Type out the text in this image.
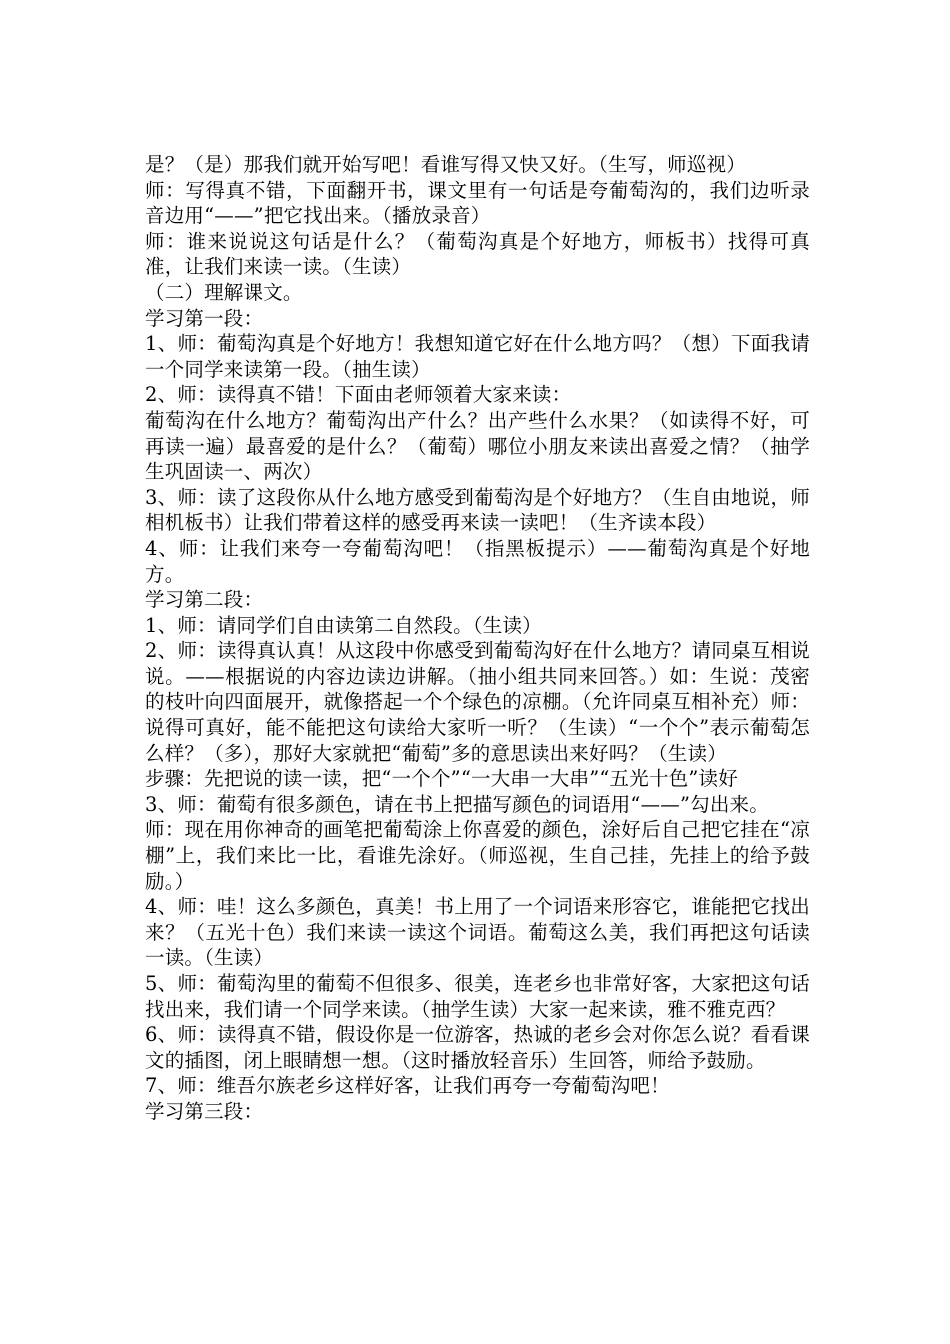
是？（是）那我们就开始写吧！看谁写得又快又好。（生写，师巡视）

师：写得真不错，下面翻开书，课文里有一句话是夸葡萄沟的，我们边听录音边用“——”把它找出来。（播放录音）

师：谁来说说这句话是什么？（葡萄沟真是个好地方，师板书）找得可真准，让我们来读一读。（生读）

（二）理解课文。

学习第一段：

1、师：葡萄沟真是个好地方！我想知道它好在什么地方吗？（想）下面我请一个同学来读第一段。（抽生读）

2、师：读得真不错！下面由老师领着大家来读：

葡萄沟在什么地方？葡萄沟出产什么？出产些什么水果？（如读得不好，可再读一遍）最喜爱的是什么？（葡萄）哪位小朋友来读出喜爱之情？（抽学生巩固读一、两次）

3、师：读了这段你从什么地方感受到葡萄沟是个好地方？（生自由地说，师相机板书）让我们带着这样的感受再来读一读吧！（生齐读本段）

4、师：让我们来夸一夸葡萄沟吧！（指黑板提示）——葡萄沟真是个好地方。

学习第二段：

1、师：请同学们自由读第二自然段。（生读）

2、师：读得真认真！从这段中你感受到葡萄沟好在什么地方？请同桌互相说说。——根据说的内容边读边讲解。（抽小组共同来回答。）如：生说：茂密的枝叶向四面展开，就像搭起一个个绿色的凉棚。（允许同桌互相补充）师：说得可真好，能不能把这句读给大家听一听？（生读）“一个个”表示葡萄怎么样？（多），那好大家就把“葡萄”多的意思读出来好吗？（生读）

步骤：先把说的读一读，把“一个个”“一大串一大串”“五光十色”读好

3、师：葡萄有很多颜色，请在书上把描写颜色的词语用“——”勾出来。

师：现在用你神奇的画笔把葡萄涂上你喜爱的颜色，涂好后自己把它挂在“凉棚”上，我们来比一比，看谁先涂好。（师巡视，生自己挂，先挂上的给予鼓励。）

4、师：哇！这么多颜色，真美！书上用了一个词语来形容它，谁能把它找出来？（五光十色）我们来读一读这个词语。葡萄这么美，我们再把这句话读一读。（生读）

5、师：葡萄沟里的葡萄不但很多、很美，连老乡也非常好客，大家把这句话找出来，我们请一个同学来读。（抽学生读）大家一起来读，雅不雅克西？

6、师：读得真不错，假设你是一位游客，热诚的老乡会对你怎么说？看看课文的插图，闭上眼睛想一想。（这时播放轻音乐）生回答，师给予鼓励。

7、师：维吾尔族老乡这样好客，让我们再夸一夸葡萄沟吧！

学习第三段：
